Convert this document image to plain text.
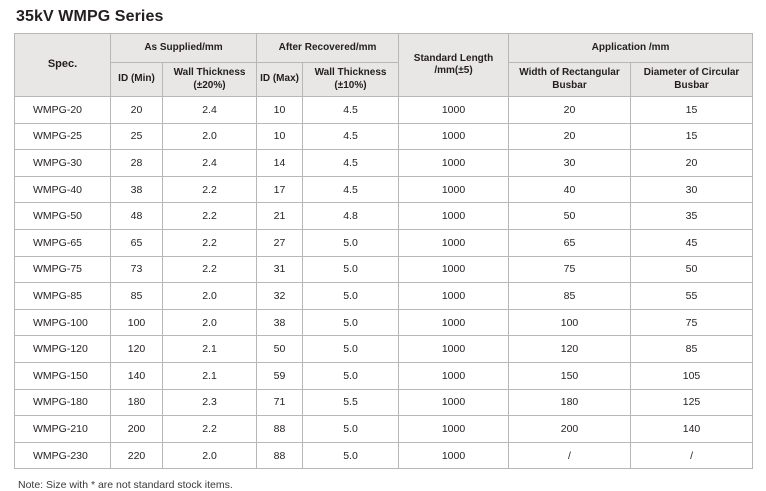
35kV WMPG Series
Spec.	As Supplied/mm		After Recovered/mm		Standard Length /mm(±5)	Application /mm	
	ID (Min)	Wall Thickness (±20%)	ID (Max)	Wall Thickness (±10%)		Width of Rectangular Busbar	Diameter of Circular Busbar
WMPG-20	20	2.4	10	4.5	1000	20	15
WMPG-25	25	2.0	10	4.5	1000	20	15
WMPG-30	28	2.4	14	4.5	1000	30	20
WMPG-40	38	2.2	17	4.5	1000	40	30
WMPG-50	48	2.2	21	4.8	1000	50	35
WMPG-65	65	2.2	27	5.0	1000	65	45
WMPG-75	73	2.2	31	5.0	1000	75	50
WMPG-85	85	2.0	32	5.0	1000	85	55
WMPG-100	100	2.0	38	5.0	1000	100	75
WMPG-120	120	2.1	50	5.0	1000	120	85
WMPG-150	140	2.1	59	5.0	1000	150	105
WMPG-180	180	2.3	71	5.5	1000	180	125
WMPG-210	200	2.2	88	5.0	1000	200	140
WMPG-230	220	2.0	88	5.0	1000	/	/
Note: Size with * are not standard stock items.
